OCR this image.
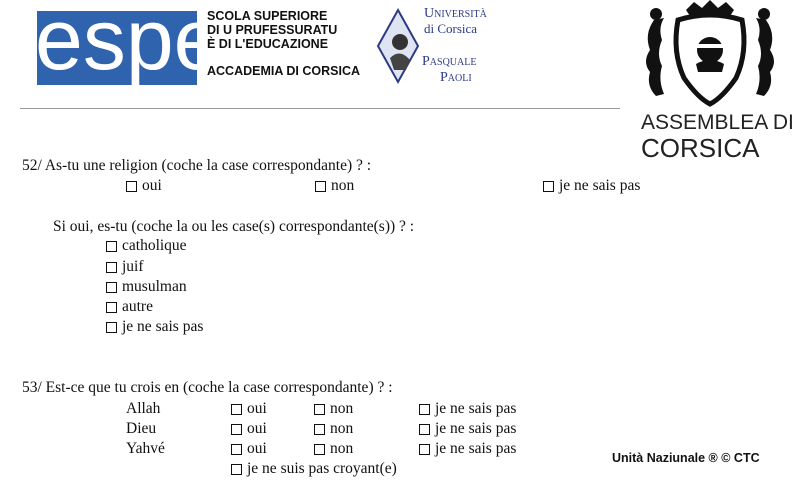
espe
SCOLA SUPERIORE
DI U PRUFESSURATU
È DI L'EDUCAZIONE
ACCADEMIA DI CORSICA
Università
di Corsica
Pasquale
Paoli
ASSEMBLEA DI
CORSICA
52/ As-tu une religion (coche la case correspondante) ? :
oui	non	je ne sais pas
Si oui, es-tu (coche la ou les case(s) correspondante(s)) ? :
catholique
juif
musulman
autre
je ne sais pas
53/ Est-ce que tu crois en (coche la case correspondante) ? :
Allah	oui	non	je ne sais pas
Dieu	oui	non	je ne sais pas
Yahvé	oui	non	je ne sais pas
je ne suis pas croyant(e)
Unità Naziunale ® © CTC
